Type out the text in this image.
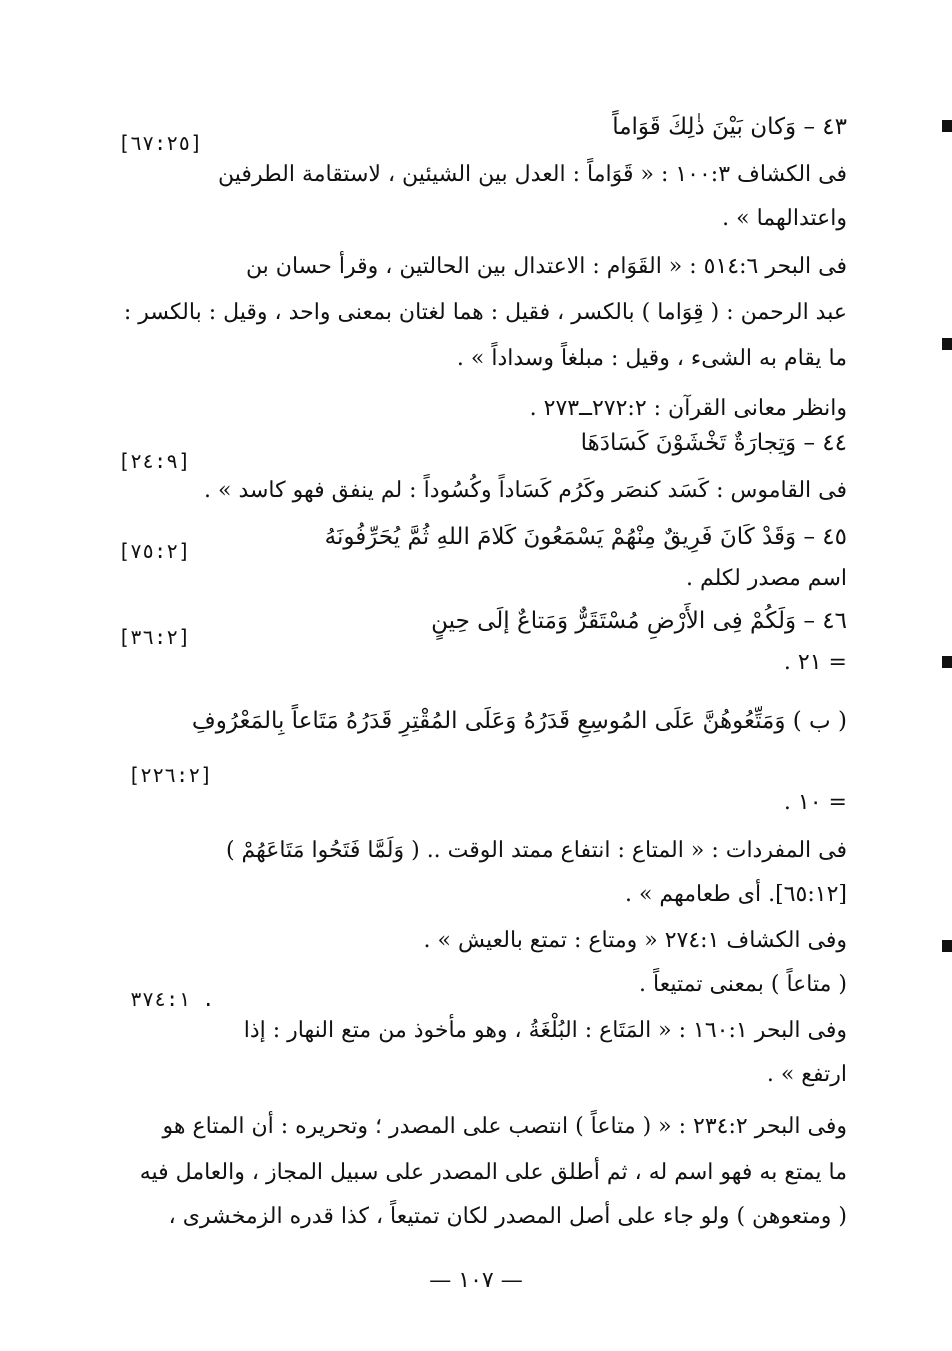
٤٣ – وَكان بَيْنَ ذٰلِكَ قَوَاماً
[٦٧:٢٥]
فى الكشاف ١٠٠:٣ : « قَوَاماً : العدل بين الشيئين ، لاستقامة الطرفين
واعتدالهما » .
فى البحر ٥١٤:٦ : « القَوَام : الاعتدال بين الحالتين ، وقرأ حسان بن
عبد الرحمن : ( قِوَاما ) بالكسر ، فقيل : هما لغتان بمعنى واحد ، وقيل : بالكسر :
ما يقام به الشىء ، وقيل : مبلغاً وسداداً » .
وانظر معانى القرآن : ٢٧٢:٢ــ٢٧٣ .
٤٤ – وَتِجارَةٌ تَخْشَوْنَ كَسَادَهَا
[٢٤:٩]
فى القاموس : كَسَد كنصَر وكَرُم كَسَاداً وكُسُوداً : لم ينفق فهو كاسد » .
٤٥ – وَقَدْ كَانَ فَرِيقٌ مِنْهُمْ يَسْمَعُونَ كَلامَ اللهِ ثُمَّ يُحَرِّفُونَهُ
[٧٥:٢]
اسم مصدر لكلم .
٤٦ – وَلَكُمْ فِى الأَرْضِ مُسْتَقَرٌّ وَمَتاعٌ إلَى حِينٍ
[٣٦:٢]
= ٢١ .
( ب ) وَمَتِّعُوهُنَّ عَلَى المُوسِعِ قَدَرُهُ وَعَلَى المُقْتِرِ قَدَرُهُ مَتَاعاً بِالمَعْرُوفِ
[٢٢٦:٢]
= ١٠ .
فى المفردات : « المتاع : انتفاع ممتد الوقت .. ( وَلَمَّا فَتَحُوا مَتَاعَهُمْ )
[٦٥:١٢]. أى طعامهم » .
وفى الكشاف ٢٧٤:١ « ومتاع : تمتع بالعيش » .
( متاعاً ) بمعنى تمتيعاً .
٣٧٤:١ .
وفى البحر ١٦٠:١ : « المَتَاع : البُلْغَةُ ، وهو مأخوذ من متع النهار : إذا
ارتفع » .
وفى البحر ٢٣٤:٢ : « ( متاعاً ) انتصب على المصدر ؛ وتحريره : أن المتاع هو
ما يمتع به فهو اسم له ، ثم أطلق على المصدر على سبيل المجاز ، والعامل فيه
( ومتعوهن ) ولو جاء على أصل المصدر لكان تمتيعاً ، كذا قدره الزمخشرى ،
— ١٠٧ —
